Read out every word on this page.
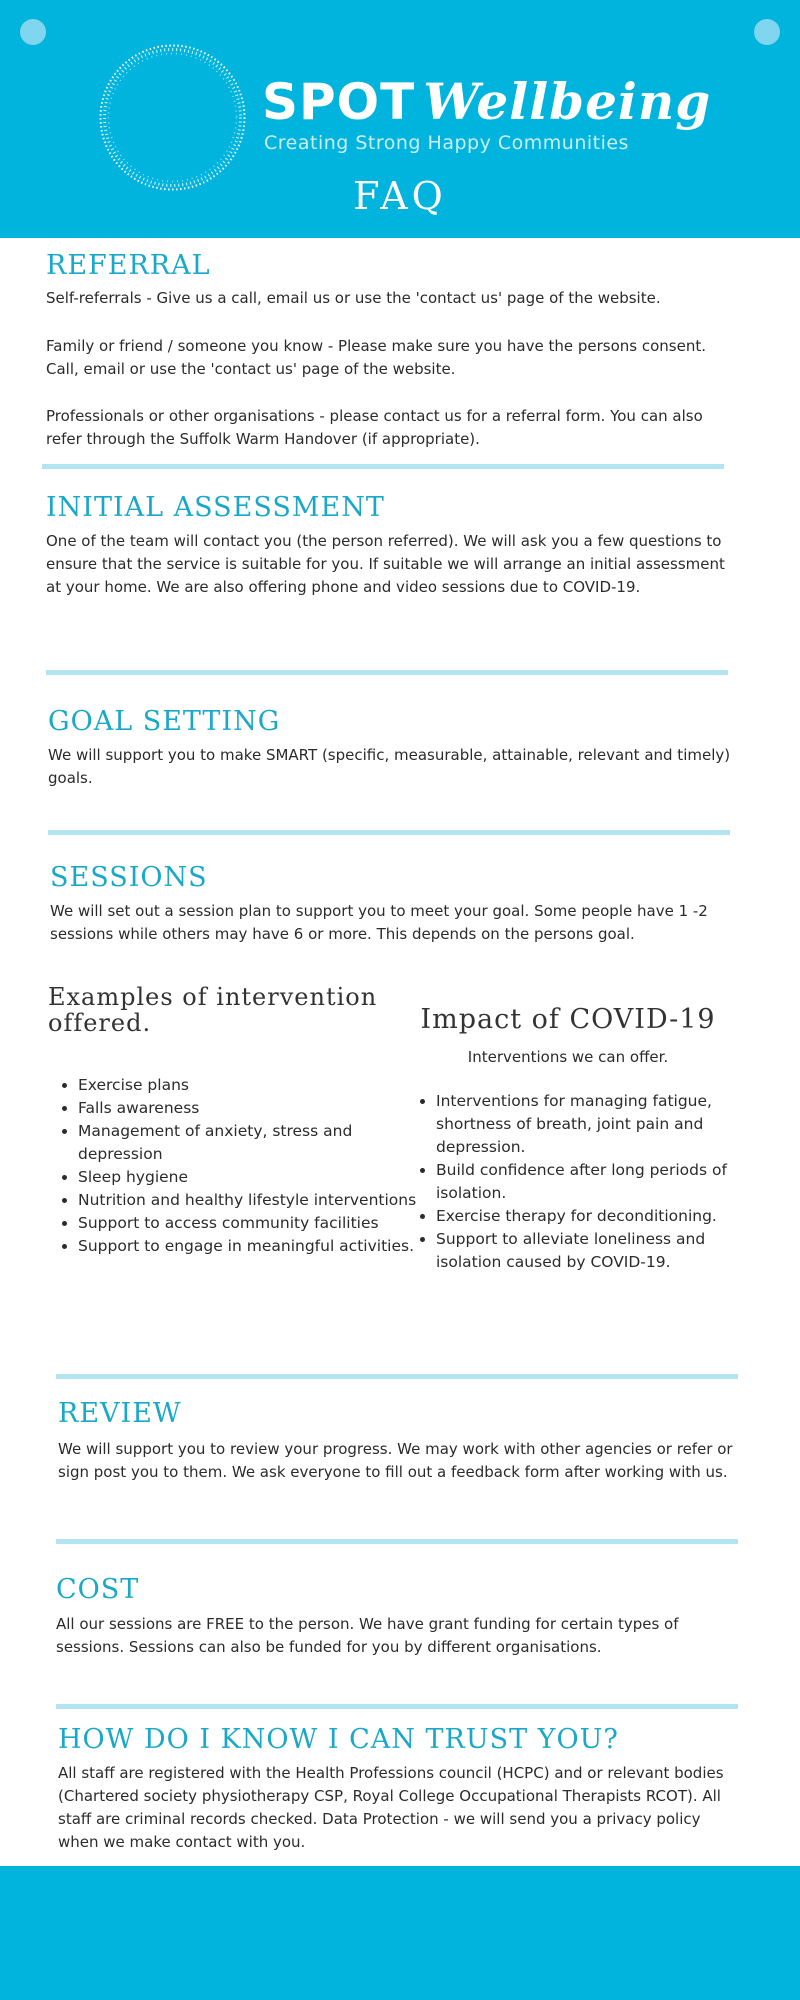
SPOT Wellbeing

Creating Strong Happy Communities

FAQ
REFERRAL

Self-referrals - Give us a call, email us or use the 'contact us' page of the website.

Family or friend / someone you know - Please make sure you have the persons consent. Call, email or use the 'contact us' page of the website.

Professionals or other organisations - please contact us for a referral form. You can also refer through the Suffolk Warm Handover (if appropriate).

INITIAL ASSESSMENT

One of the team will contact you (the person referred). We will ask you a few questions to ensure that the service is suitable for you. If suitable we will arrange an initial assessment at your home. We are also offering phone and video sessions due to COVID-19.

GOAL SETTING

We will support you to make SMART (specific, measurable, attainable, relevant and timely) goals.

SESSIONS

We will set out a session plan to support you to meet your goal. Some people have 1 -2 sessions while others may have 6 or more. This depends on the persons goal.

Examples of intervention offered.
• Exercise plans
• Falls awareness
• Management of anxiety, stress and depression
• Sleep hygiene
• Nutrition and healthy lifestyle interventions
• Support to access community facilities
• Support to engage in meaningful activities.
Impact of COVID-19

Interventions we can offer.

• Interventions for managing fatigue, shortness of breath, joint pain and depression.
• Build confidence after long periods of isolation.
• Exercise therapy for deconditioning.
• Support to alleviate loneliness and isolation caused by COVID-19.
REVIEW

We will support you to review your progress. We may work with other agencies or refer or sign post you to them. We ask everyone to fill out a feedback form after working with us.

COST

All our sessions are FREE to the person. We have grant funding for certain types of sessions. Sessions can also be funded for you by different organisations.

HOW DO I KNOW I CAN TRUST YOU?

All staff are registered with the Health Professions council (HCPC) and or relevant bodies (Chartered society physiotherapy CSP, Royal College Occupational Therapists RCOT). All staff are criminal records checked. Data Protection - we will send you a privacy policy when we make contact with you.
